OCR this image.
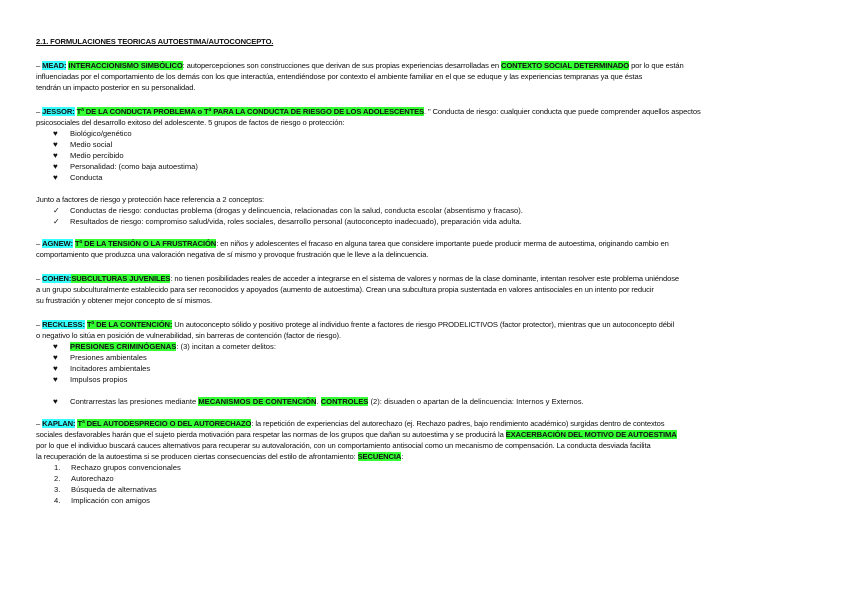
2.1. FORMULACIONES TEORICAS AUTOESTIMA/AUTOCONCEPTO.

– MEAD: INTERACCIONISMO SIMBÓLICO: autopercepciones son construcciones que derivan de sus propias experiencias desarrolladas en CONTEXTO SOCIAL DETERMINADO por lo que están

influenciadas por el comportamiento de los demás con los que interactúa, entendiéndose por contexto el ambiente familiar en el que se eduque y las experiencias tempranas ya que éstas

tendrán un impacto posterior en su personalidad.

– JESSOR: Tª DE LA CONDUCTA PROBLEMA o Tª PARA LA CONDUCTA DE RIESGO DE LOS ADOLESCENTES. " Conducta de riesgo: cualquier conducta que puede comprender aquellos aspectos

psicosociales del desarrollo exitoso del adolescente. 5 grupos de factos de riesgo o protección:

♥	Biológico/genético
♥	Medio social
♥	Medio percibido
♥	Personalidad: (como baja autoestima)
♥	Conducta

Junto a factores de riesgo y protección hace referencia a 2 conceptos:

✓	Conductas de riesgo: conductas problema (drogas y delincuencia, relacionadas con la salud, conducta escolar (absentismo y fracaso).
✓	Resultados de riesgo: compromiso salud/vida, roles sociales, desarrollo personal (autoconcepto inadecuado), preparación vida adulta.

– AGNEW: Tª DE LA TENSIÓN O LA FRUSTRACIÓN: en niños y adolescentes el fracaso en alguna tarea que considere importante puede producir merma de autoestima, originando cambio en

comportamiento que produzca una valoración negativa de sí mismo y provoque frustración que le lleve a la delincuencia.

– COHEN:SUBCULTURAS JUVENILES: no tienen posibilidades reales de acceder a integrarse en el sistema de valores y normas de la clase dominante, intentan resolver este problema uniéndose

a un grupo subculturalmente establecido para ser reconocidos y apoyados (aumento de autoestima). Crean una subcultura propia sustentada en valores antisociales en un intento por reducir

su frustración y obtener mejor concepto de sí mismos.

– RECKLESS: Tª DE LA CONTENCIÓN: Un autoconcepto sólido y positivo protege al individuo frente a factores de riesgo PRODELICTIVOS (factor protector), mientras que un autoconcepto débil

o negativo lo sitúa en posición de vulnerabilidad, sin barreras de contención (factor de riesgo).

♥	PRESIONES CRIMINÓGENAS: (3) incitan a cometer delitos:
♥	Presiones ambientales
♥	Incitadores ambientales
♥	Impulsos propios
♥	Contrarrestas las presiones mediante MECANISMOS DE CONTENCIÓN. CONTROLES (2): disuaden o apartan de la delincuencia: Internos y Externos.

– KAPLAN: Tª DEL AUTODESPRECIO O DEL AUTORECHAZO: la repetición de experiencias del autorechazo (ej. Rechazo padres, bajo rendimiento académico) surgidas dentro de contextos

sociales desfavorables harán que el sujeto pierda motivación para respetar las normas de los grupos que dañan su autoestima y se producirá la EXACERBACIÓN DEL MOTIVO DE AUTOESTIMA

por lo que el individuo buscará cauces alternativos para recuperar su autovaloración, con un comportamiento antisocial como un mecanismo de compensación. La conducta desviada facilita

la recuperación de la autoestima si se producen ciertas consecuencias del estilo de afrontamiento: SECUENCIA:

1.	Rechazo grupos convencionales
2.	Autorechazo
3.	Búsqueda de alternativas
4.	Implicación con amigos
